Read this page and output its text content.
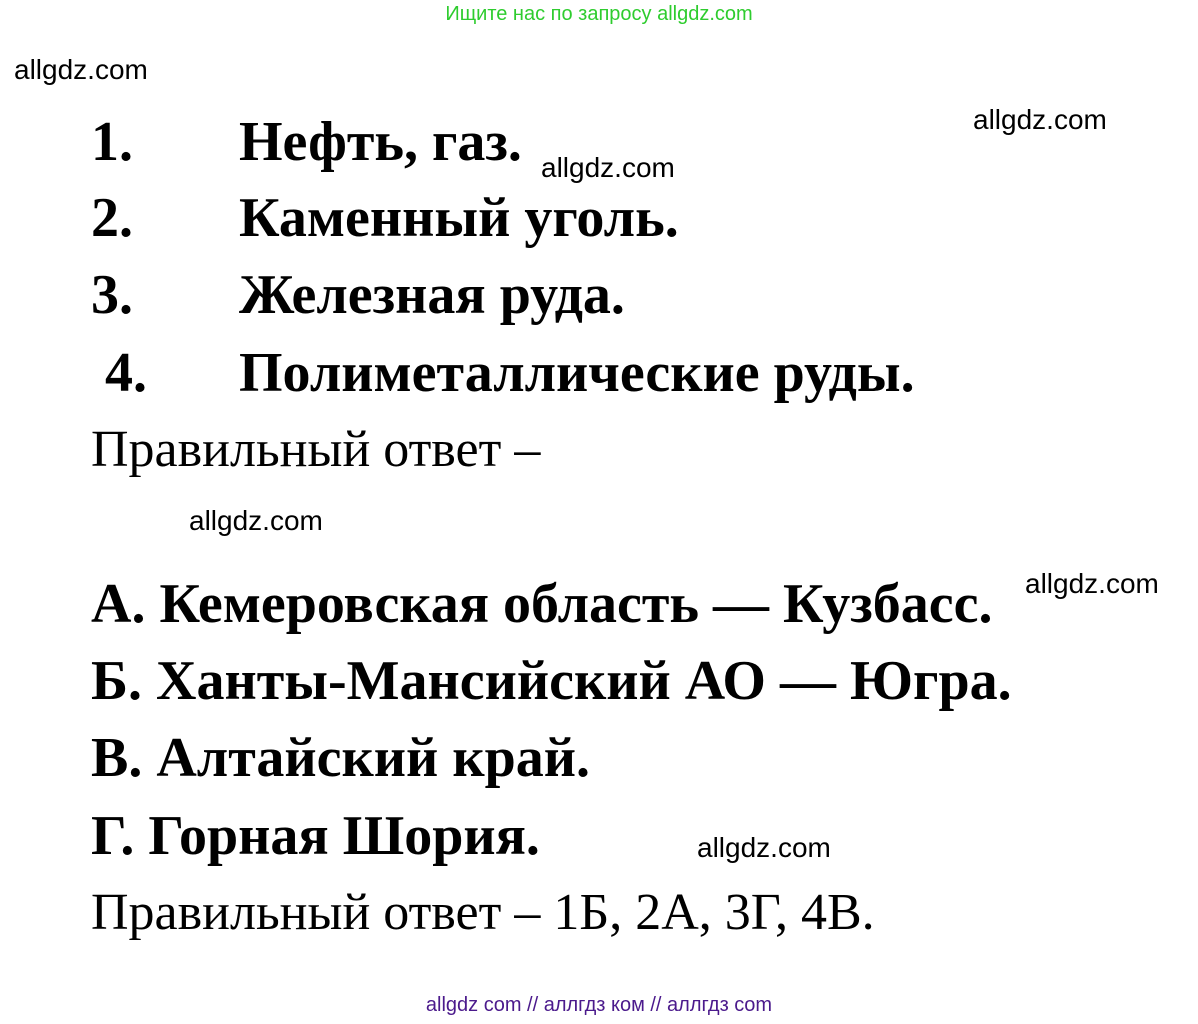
Ищите нас по запросу allgdz.com
allgdz.com
allgdz.com
allgdz.com
allgdz.com
allgdz.com
allgdz.com
1. Нефть, газ.
2. Каменный уголь.
3. Железная руда.
4. Полиметаллические руды.
Правильный ответ –
А. Кемеровская область — Кузбасс.
Б. Ханты-Мансийский АО — Югра.
В. Алтайский край.
Г. Горная Шория.
Правильный ответ – 1Б, 2А, 3Г, 4В.
allgdz com // аллгдз ком // аллгдз com
